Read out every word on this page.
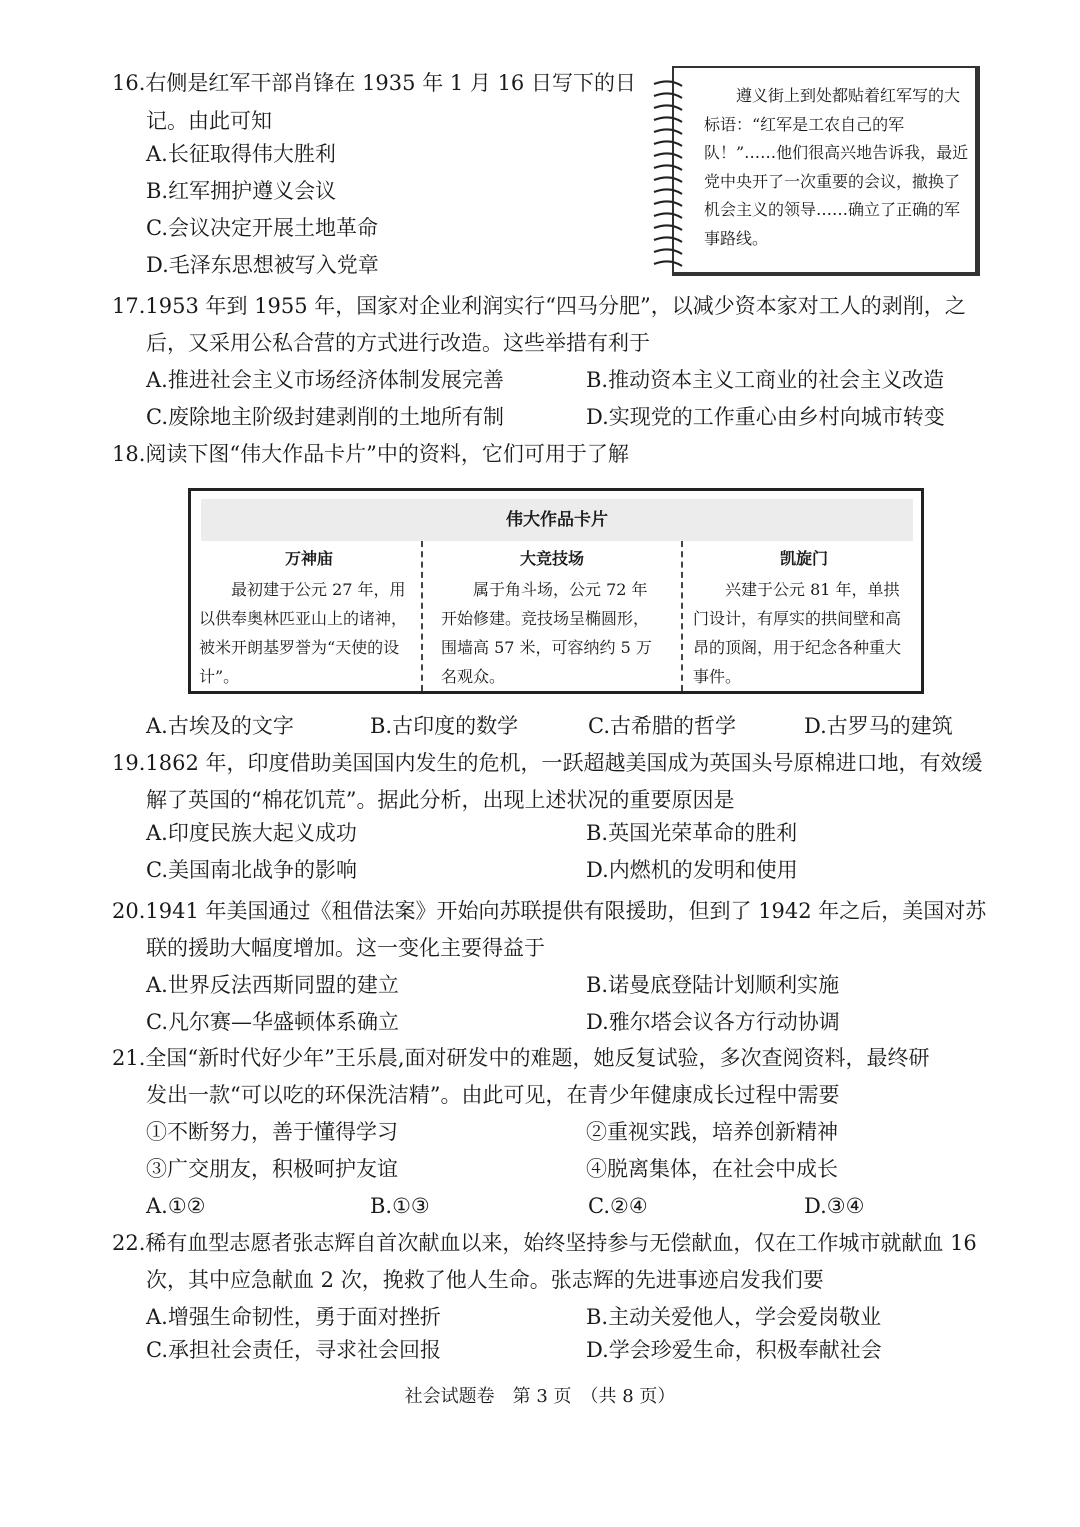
16.右侧是红军干部肖锋在 1935 年 1 月 16 日写下的日
记。由此可知
A.长征取得伟大胜利
B.红军拥护遵义会议
C.会议决定开展土地革命
D.毛泽东思想被写入党章
遵义街上到处都贴着红军写的大标语：“红军是工农自己的军队！”……他们很高兴地告诉我，最近党中央开了一次重要的会议，撤换了机会主义的领导……确立了正确的军事路线。
17.1953 年到 1955 年，国家对企业利润实行“四马分肥”，以减少资本家对工人的剥削，之
后，又采用公私合营的方式进行改造。这些举措有利于
A.推进社会主义市场经济体制发展完善	B.推动资本主义工商业的社会主义改造
C.废除地主阶级封建剥削的土地所有制	D.实现党的工作重心由乡村向城市转变
18.阅读下图“伟大作品卡片”中的资料，它们可用于了解
伟大作品卡片
万神庙

最初建于公元 27 年，用以供奉奥林匹亚山上的诸神，被米开朗基罗誉为“天使的设计”。

大竞技场

属于角斗场，公元 72 年开始修建。竞技场呈椭圆形，围墙高 57 米，可容纳约 5 万名观众。

凯旋门

兴建于公元 81 年，单拱门设计，有厚实的拱间壁和高昂的顶阁，用于纪念各种重大事件。

A.古埃及的文字	B.古印度的数学	C.古希腊的哲学	D.古罗马的建筑
19.1862 年，印度借助美国国内发生的危机，一跃超越美国成为英国头号原棉进口地，有效缓
解了英国的“棉花饥荒”。据此分析，出现上述状况的重要原因是
A.印度民族大起义成功	B.英国光荣革命的胜利
C.美国南北战争的影响	D.内燃机的发明和使用
20.1941 年美国通过《租借法案》开始向苏联提供有限援助，但到了 1942 年之后，美国对苏
联的援助大幅度增加。这一变化主要得益于
A.世界反法西斯同盟的建立	B.诺曼底登陆计划顺利实施
C.凡尔赛—华盛顿体系确立	D.雅尔塔会议各方行动协调
21.全国“新时代好少年”王乐晨,面对研发中的难题，她反复试验，多次查阅资料，最终研
发出一款“可以吃的环保洗洁精”。由此可见，在青少年健康成长过程中需要
①不断努力，善于懂得学习	②重视实践，培养创新精神
③广交朋友，积极呵护友谊	④脱离集体，在社会中成长
A.①②	B.①③	C.②④	D.③④
22.稀有血型志愿者张志辉自首次献血以来，始终坚持参与无偿献血，仅在工作城市就献血 16
次，其中应急献血 2 次，挽救了他人生命。张志辉的先进事迹启发我们要
A.增强生命韧性，勇于面对挫折	B.主动关爱他人，学会爱岗敬业
C.承担社会责任，寻求社会回报	D.学会珍爱生命，积极奉献社会
社会试题卷　第 3 页　（共 8 页）
